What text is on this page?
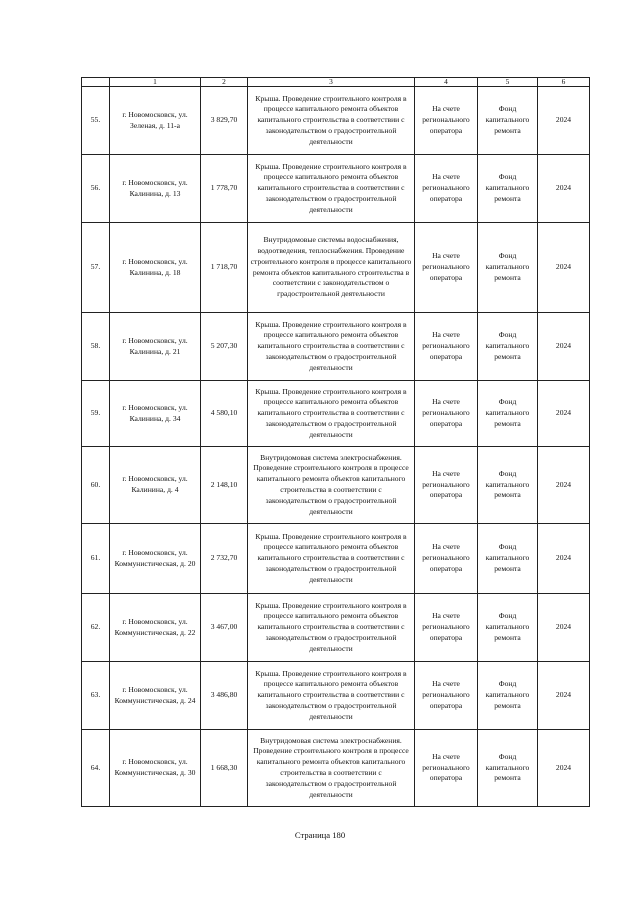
	1	2	3	4	5	6
55.	г. Новомосковск, ул. Зеленая, д. 11-а	3 829,70	Крыша. Проведение строительного контроля в процессе капитального ремонта объектов капитального строительства в соответствии с законодательством о градостроительной деятельности	На счете регионального оператора	Фонд капитального ремонта	2024
56.	г. Новомосковск, ул. Калинина, д. 13	1 778,70	Крыша. Проведение строительного контроля в процессе капитального ремонта объектов капитального строительства в соответствии с законодательством о градостроительной деятельности	На счете регионального оператора	Фонд капитального ремонта	2024
57.	г. Новомосковск, ул. Калинина, д. 18	1 718,70	Внутридомовые системы водоснабжения, водоотведения, теплоснабжения. Проведение строительного контроля в процессе капитального ремонта объектов капитального строительства в соответствии с законодательством о градостроительной деятельности	На счете регионального оператора	Фонд капитального ремонта	2024
58.	г. Новомосковск, ул. Калинина, д. 21	5 207,30	Крыша. Проведение строительного контроля в процессе капитального ремонта объектов капитального строительства в соответствии с законодательством о градостроительной деятельности	На счете регионального оператора	Фонд капитального ремонта	2024
59.	г. Новомосковск, ул. Калинина, д. 34	4 580,10	Крыша. Проведение строительного контроля в процессе капитального ремонта объектов капитального строительства в соответствии с законодательством о градостроительной деятельности	На счете регионального оператора	Фонд капитального ремонта	2024
60.	г. Новомосковск, ул. Калинина, д. 4	2 148,10	Внутридомовая система электроснабжения. Проведение строительного контроля в процессе капитального ремонта объектов капитального строительства в соответствии с законодательством о градостроительной деятельности	На счете регионального оператора	Фонд капитального ремонта	2024
61.	г. Новомосковск, ул. Коммунистическая, д. 20	2 732,70	Крыша. Проведение строительного контроля в процессе капитального ремонта объектов капитального строительства в соответствии с законодательством о градостроительной деятельности	На счете регионального оператора	Фонд капитального ремонта	2024
62.	г. Новомосковск, ул. Коммунистическая, д. 22	3 467,00	Крыша. Проведение строительного контроля в процессе капитального ремонта объектов капитального строительства в соответствии с законодательством о градостроительной деятельности	На счете регионального оператора	Фонд капитального ремонта	2024
63.	г. Новомосковск, ул. Коммунистическая, д. 24	3 486,80	Крыша. Проведение строительного контроля в процессе капитального ремонта объектов капитального строительства в соответствии с законодательством о градостроительной деятельности	На счете регионального оператора	Фонд капитального ремонта	2024
64.	г. Новомосковск, ул. Коммунистическая, д. 30	1 668,30	Внутридомовая система электроснабжения. Проведение строительного контроля в процессе капитального ремонта объектов капитального строительства в соответствии с законодательством о градостроительной деятельности	На счете регионального оператора	Фонд капитального ремонта	2024
Страница 180
